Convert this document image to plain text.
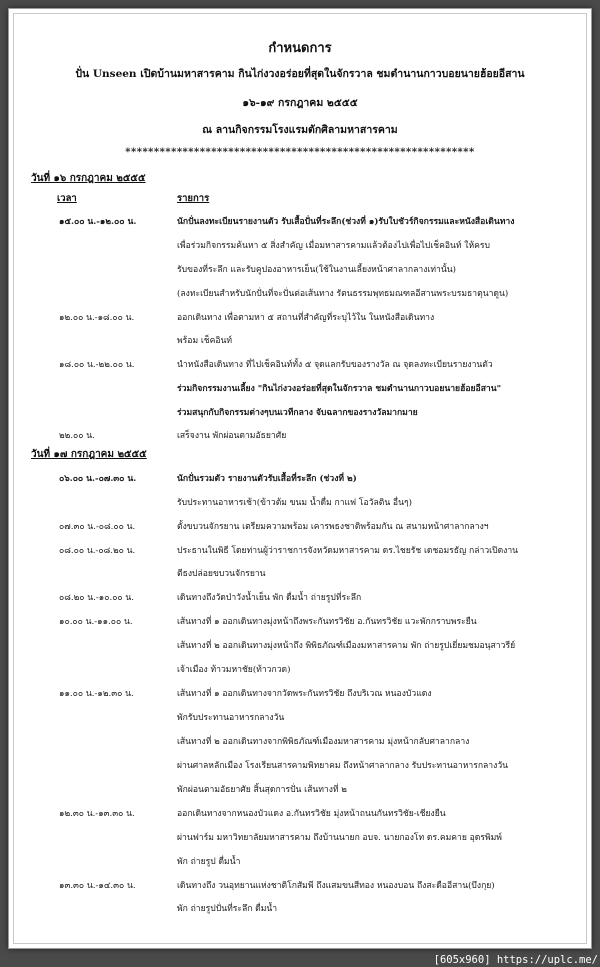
กำหนดการ
ปั่น Unseen เปิดบ้านมหาสารคาม กินไก่งวงอร่อยที่สุดในจักรวาล ชมตำนานกาวบอยนายฮ้อยอีสาน
๑๖-๑๙ กรกฎาคม ๒๕๕๕
ณ ลานกิจกรรมโรงแรมตักศิลามหาสารคาม
*************************************************************
วันที่ ๑๖ กรกฎาคม ๒๕๕๕
เวลา	รายการ
๑๕.๐๐ น.-๑๒.๐๐ น.	นักปั่นลงทะเบียนรายงานตัว รับเสื้อปั่นที่ระลึก(ช่วงที่ ๑)รับใบชัวร์กิจกรรมและหนังสือเดินทาง
เพื่อร่วมกิจกรรมค้นหา ๕ สิ่งสำคัญ เมื่อมหาสารคามแล้วต้องไปเพื่อไปเช็คอินท์ ให้ครบ
รับของที่ระลึก และรับคูปองอาหารเย็น(ใช้ในงานเลี้ยงหน้าศาลากลางเท่านั้น)
(ลงทะเบียนสำหรับนักปั่นที่จะปั่นต่อเส้นทาง รัตนธรรมพุทธมณฑลอีสานพระบรมธาตุนาดูน)
๑๒.๐๐ น.-๑๘.๐๐ น.	ออกเดินทาง เพื่อตามหา ๕ สถานที่สำคัญที่ระบุไว้ใน ในหนังสือเดินทาง
พร้อม เช็คอินท์
๑๘.๐๐ น.-๒๒.๐๐ น.	นำหนังสือเดินทาง ที่ไปเช็คอินท์ทั้ง ๕ จุดแลกรับของรางวัล ณ จุดลงทะเบียนรายงานตัว
ร่วมกิจกรรมงานเลี้ยง "กินไก่งวงอร่อยที่สุดในจักรวาล ชมตำนานกาวบอยนายฮ้อยอีสาน"
ร่วมสนุกกับกิจกรรมต่างๆบนเวทีกลาง จับฉลากของรางวัลมากมาย
๒๒.๐๐ น.	เสร็จงาน พักผ่อนตามอัธยาศัย
วันที่ ๑๗ กรกฎาคม ๒๕๕๕
๐๖.๐๐ น.-๐๗.๓๐ น.	นักปั่นรวมตัว รายงานตัวรับเสื้อที่ระลึก (ช่วงที่ ๒)
รับประทานอาหารเช้า(ข้าวต้ม ขนม น้ำดื่ม กาแฟ โอวัลติน อื่นๆ)
๐๗.๓๐ น.-๐๘.๐๐ น.	ตั้งขบวนจักรยาน เตรียมความพร้อม เคารพธงชาติพร้อมกัน ณ สนามหน้าศาลากลางฯ
๐๘.๐๐ น.-๐๘.๒๐ น.	ประธานในพิธี โดยท่านผู้ว่าราชการจังหวัดมหาสารคาม ดร.ไชยรัช เดชอมรธัญ กล่าวเปิดงาน
ตีธงปล่อยขบวนจักรยาน
๐๘.๒๐ น.-๑๐.๐๐ น.	เดินทางถึงวัดป่าวังน้ำเย็น พัก ดื่มน้ำ ถ่ายรูปที่ระลึก
๑๐.๐๐ น.-๑๑.๐๐ น.	เส้นทางที่ ๑ ออกเดินทางมุ่งหน้าถึงพระกันทรวิชัย อ.กันทรวิชัย แวะพักกราบพระยืน
เส้นทางที่ ๒ ออกเดินทางมุ่งหน้าถึง พิพิธภัณฑ์เมืองมหาสารคาม พัก ถ่ายรูปเยี่ยมชมอนุสาวรีย์
เจ้าเมือง ท้าวมหาชัย(ท้าวกวด)
๑๑.๐๐ น.-๑๒.๓๐ น.	เส้นทางที่ ๑ ออกเดินทางจากวัดพระกันทรวิชัย ถึงบริเวณ หนองบัวแดง
พักรับประทานอาหารกลางวัน
เส้นทางที่ ๒ ออกเดินทางจากพิพิธภัณฑ์เมืองมหาสารคาม มุ่งหน้ากลับศาลากลาง
ผ่านศาลหลักเมือง โรงเรียนสารคามพิทยาคม ถึงหน้าศาลากลาง รับประทานอาหารกลางวัน
พักผ่อนตามอัธยาศัย สิ้นสุดการปั่น เส้นทางที่ ๒
๑๒.๓๐ น.-๑๓.๓๐ น.	ออกเดินทางจากหนองบัวแดง อ.กันทรวิชัย มุ่งหน้าถนนกันทรวิชัย-เชียงยืน
ผ่านฟาร์ม มหาวิทยาลัยมหาสารคาม ถึงบ้านนายก อบจ. นายกองโท ดร.คมคาย อุดรพิมพ์
พัก ถ่ายรูป ดื่มน้ำ
๑๓.๓๐ น.-๑๔.๓๐ น.	เดินทางถึง วนอุทยานแห่งชาติโกสัมพี ถึงแสมขนสีทอง หนองบอน ถึงสะดืออีสาน(บึงกุย)
พัก ถ่ายรูปปั่นที่ระลึก ดื่มน้ำ
[605x960] https://uplc.me/
